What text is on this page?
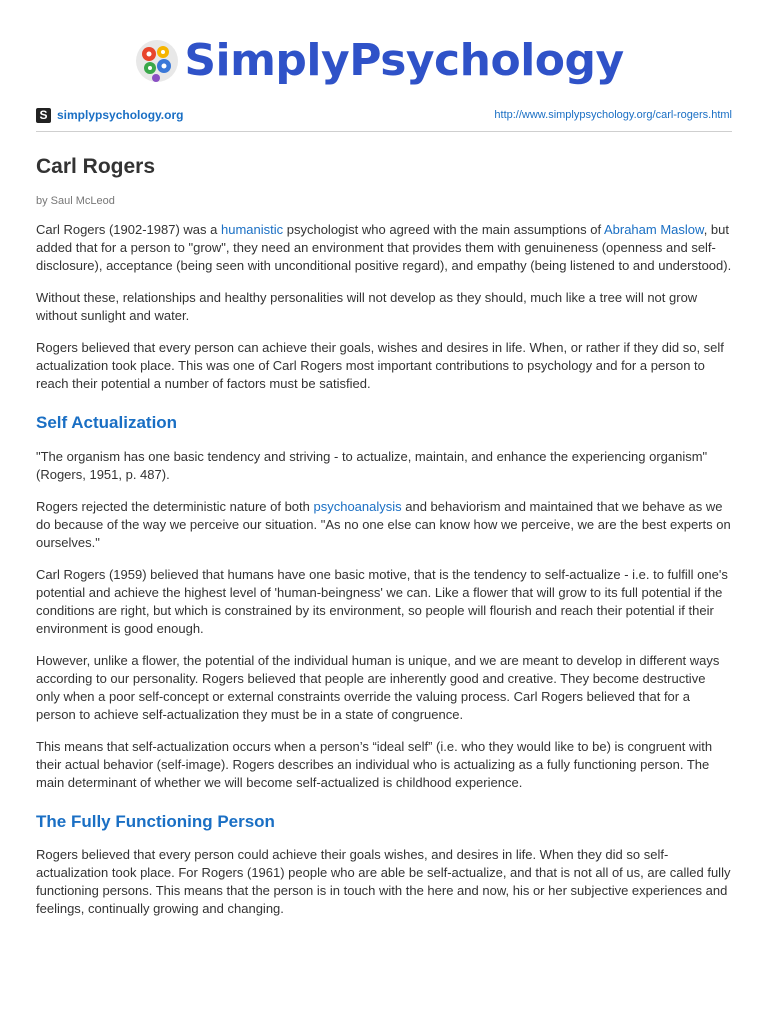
SimplyPsychology
S simplypsychology.org	http://www.simplypsychology.org/carl-rogers.html
Carl Rogers
by Saul McLeod

Carl Rogers (1902-1987) was a humanistic psychologist who agreed with the main assumptions of Abraham Maslow, but added that for a person to "grow", they need an environment that provides them with genuineness (openness and self-disclosure), acceptance (being seen with unconditional positive regard), and empathy (being listened to and understood).

Without these, relationships and healthy personalities will not develop as they should, much like a tree will not grow without sunlight and water.

Rogers believed that every person can achieve their goals, wishes and desires in life. When, or rather if they did so, self actualization took place. This was one of Carl Rogers most important contributions to psychology and for a person to reach their potential a number of factors must be satisfied.

Self Actualization

"The organism has one basic tendency and striving - to actualize, maintain, and enhance the experiencing organism" (Rogers, 1951, p. 487).

Rogers rejected the deterministic nature of both psychoanalysis and behaviorism and maintained that we behave as we do because of the way we perceive our situation. "As no one else can know how we perceive, we are the best experts on ourselves."

Carl Rogers (1959) believed that humans have one basic motive, that is the tendency to self-actualize - i.e. to fulfill one's potential and achieve the highest level of 'human-beingness' we can. Like a flower that will grow to its full potential if the conditions are right, but which is constrained by its environment, so people will flourish and reach their potential if their environment is good enough.

However, unlike a flower, the potential of the individual human is unique, and we are meant to develop in different ways according to our personality. Rogers believed that people are inherently good and creative. They become destructive only when a poor self-concept or external constraints override the valuing process. Carl Rogers believed that for a person to achieve self-actualization they must be in a state of congruence.

This means that self-actualization occurs when a person’s “ideal self” (i.e. who they would like to be) is congruent with their actual behavior (self-image). Rogers describes an individual who is actualizing as a fully functioning person. The main determinant of whether we will become self-actualized is childhood experience.

The Fully Functioning Person

Rogers believed that every person could achieve their goals wishes, and desires in life. When they did so self-actualization took place. For Rogers (1961) people who are able be self-actualize, and that is not all of us, are called fully functioning persons. This means that the person is in touch with the here and now, his or her subjective experiences and feelings, continually growing and changing.
